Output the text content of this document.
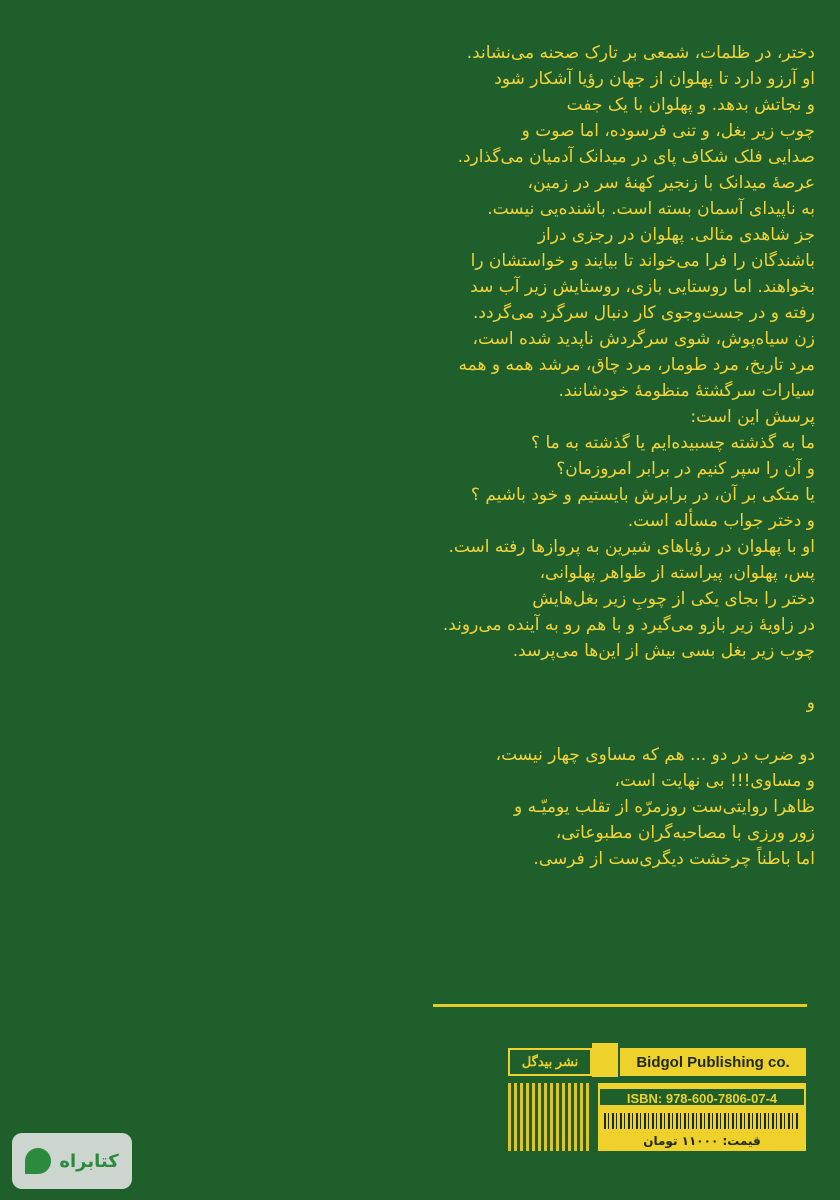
دختر، در ظلمات، شمعی بر تارک صحنه می‌نشاند.
او آرزو دارد تا پهلوان از جهان رؤیا آشکار شود
و نجاتش بدهد. و پهلوان با یک جفت
چوب زیر بغل، و تنی فرسوده، اما صوت و
صدایی فلک شکاف پای در میدانک آدمیان می‌گذارد.
عرصهٔ میدانک با زنجیر کهنهٔ سر در زمین،
به ناپیدای آسمان بسته است. باشنده‌یی نیست.
جز شاهدی مثالی. پهلوان در رجزی دراز
باشندگان را فرا می‌خواند تا بیایند و خواستشان را
بخواهند. اما روستایی بازی، روستایش زیر آب سد
رفته و در جست‌وجوی کار دنبال سرگرد می‌گردد.
زن سیاه‌پوش، شوی سرگردش ناپدید شده است،
مرد تاریخ، مرد طومار، مرد چاق، مرشد همه و همه
سیارات سرگشتهٔ منظومهٔ خودشانند.
پرسش این است:
ما به گذشته چسبیده‌ایم یا گذشته به ما ؟
و آن را سپر کنیم در برابر امروزمان؟
یا متکی بر آن، در برابرش بایستیم و خود باشیم ؟
و دختر جواب مسأله است.
او با پهلوان در رؤیاهای شیرین به پروازها رفته است.
پس، پهلوان، پیراسته از ظواهر پهلوانی،
دختر را بجای یکی از چوبِ زیر بغل‌هایش
در زاویهٔ زیر بازو می‌گیرد و با هم رو به آینده می‌روند.
چوب زیر بغل بسی بیش از این‌ها می‌پرسد.
و
دو ضرب در دو ... هم که مساوی چهار نیست،
و مساوی!!! بی نهایت است،
ظاهرا روایتی‌ست روزمرّه از تقلب یومیّـه و
زور ورزی با مصاحبه‌گران مطبوعاتی،
اما باطناً چرخشت دیگری‌ست از فرسی.
Bidgol Publishing co.
نشر بیدگل
ISBN: 978-600-7806-07-4
قیمت: ۱۱۰۰۰ تومان
کتابراه
